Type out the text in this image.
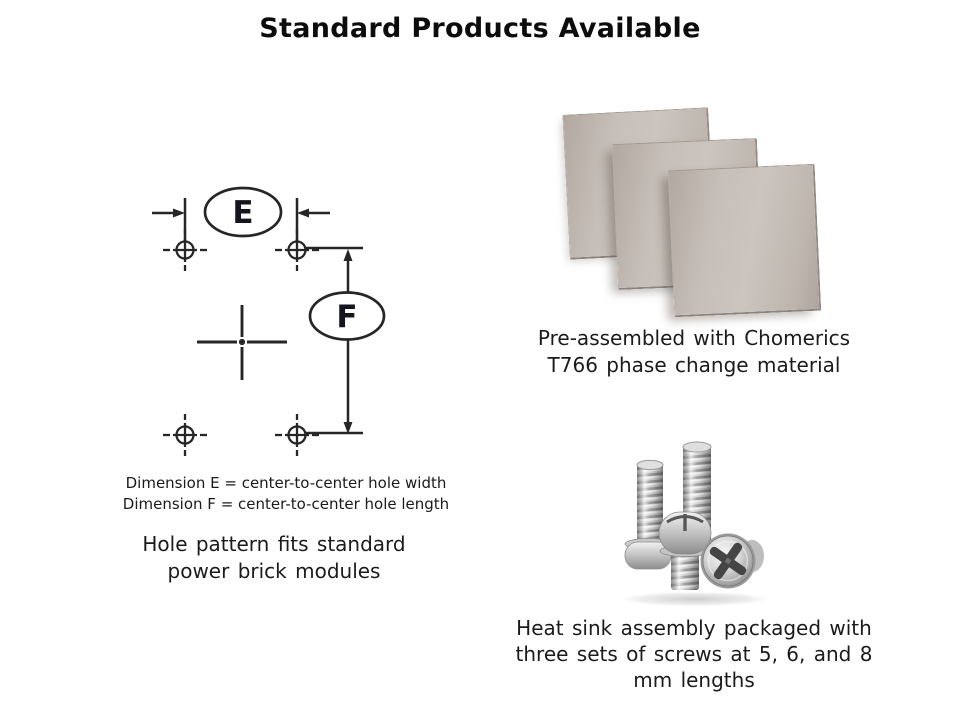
Standard Products Available
E
F
Dimension E = center-to-center hole width
Dimension F = center-to-center hole length
Hole pattern fits standard
power brick modules
Pre-assembled with Chomerics
T766 phase change material
Heat sink assembly packaged with
three sets of screws at 5, 6, and 8
mm lengths
